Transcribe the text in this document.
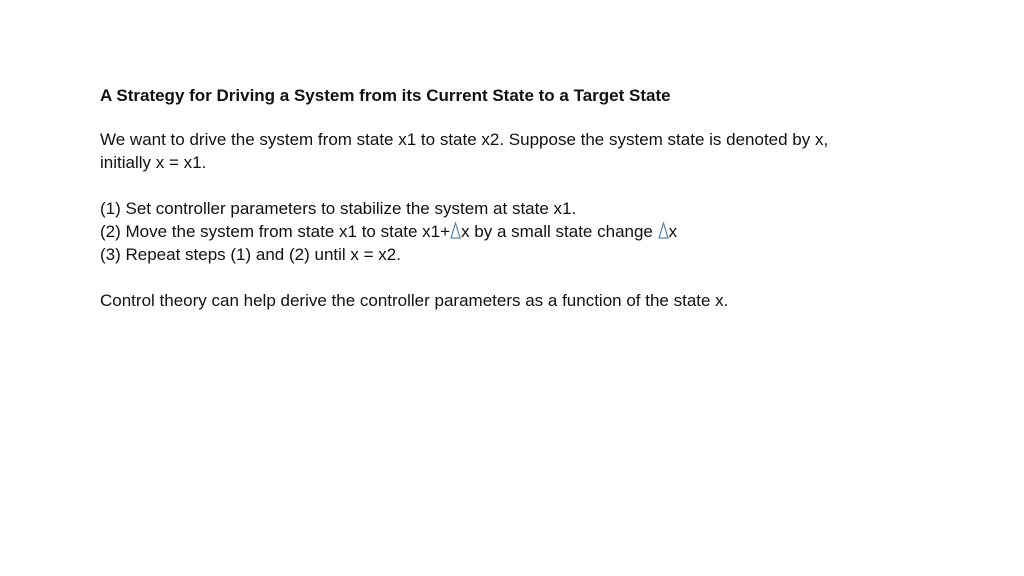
A Strategy for Driving a System from its Current State to a Target State

We want to drive the system from state x1 to state x2. Suppose the system state is denoted by x,
initially x = x1.

(1) Set controller parameters to stabilize the system at state x1.
(2) Move the system from state x1 to state x1+ x by a small state change
x
(3) Repeat steps (1) and (2) until x = x2.

Control theory can help derive the controller parameters as a function of the state x.
